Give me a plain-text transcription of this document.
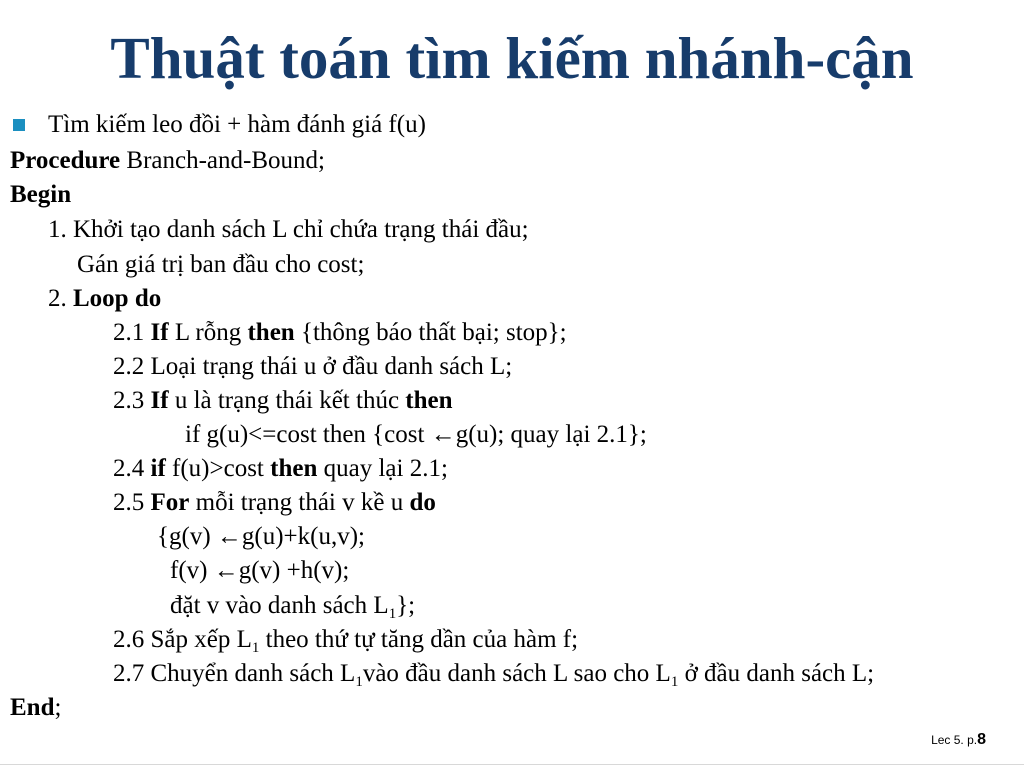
Thuật toán tìm kiếm nhánh-cận
Tìm kiếm leo đồi + hàm đánh giá f(u)
Procedure Branch-and-Bound;
Begin
1. Khởi tạo danh sách L chỉ chứa trạng thái đầu;
Gán giá trị ban đầu cho cost;
2. Loop do
2.1 If L rỗng then {thông báo thất bại; stop};
2.2 Loại trạng thái u ở đầu danh sách L;
2.3 If u là trạng thái kết thúc then
if g(u)<=cost then {cost ←g(u); quay lại 2.1};
2.4 if f(u)>cost then quay lại 2.1;
2.5 For mỗi trạng thái v kề u do
{g(v) ←g(u)+k(u,v);
f(v) ←g(v) +h(v);
đặt v vào danh sách $L_1$};
2.6 Sắp xếp $L_1$ theo thứ tự tăng dần của hàm f;
2.7 Chuyển danh sách $L_1vào$ đầu danh sách L sao cho $L_1$ ở đầu danh sách L;
End;
Lec 5. p.8
